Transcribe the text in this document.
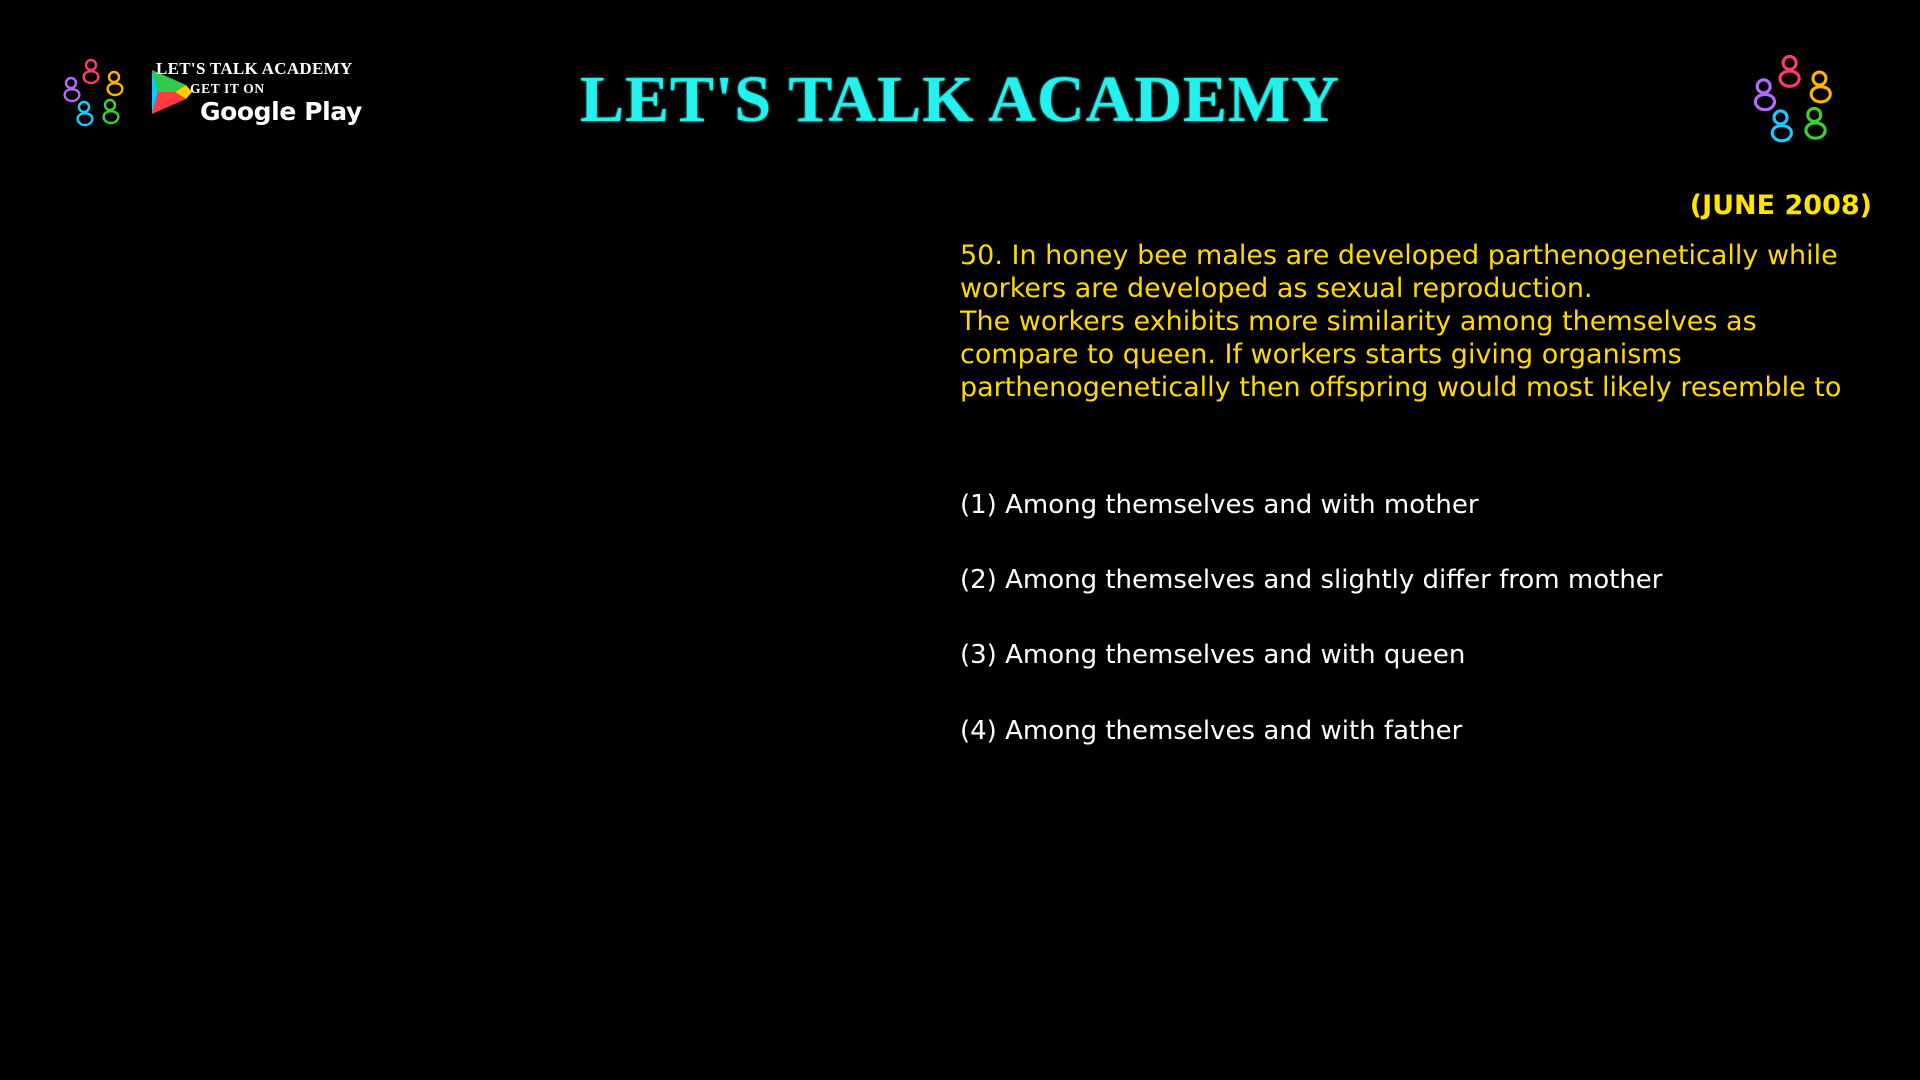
LET'S TALK ACADEMY
GET IT ON
Google Play	LET'S TALK ACADEMY
(JUNE 2008)

50. In honey bee males are developed parthenogenetically while workers are developed as sexual reproduction.

The workers exhibits more similarity among themselves as compare to queen. If workers starts giving organisms parthenogenetically then offspring would most likely resemble to

(1) Among themselves and with mother
(2) Among themselves and slightly differ from mother
(3) Among themselves and with queen
(4) Among themselves and with father
